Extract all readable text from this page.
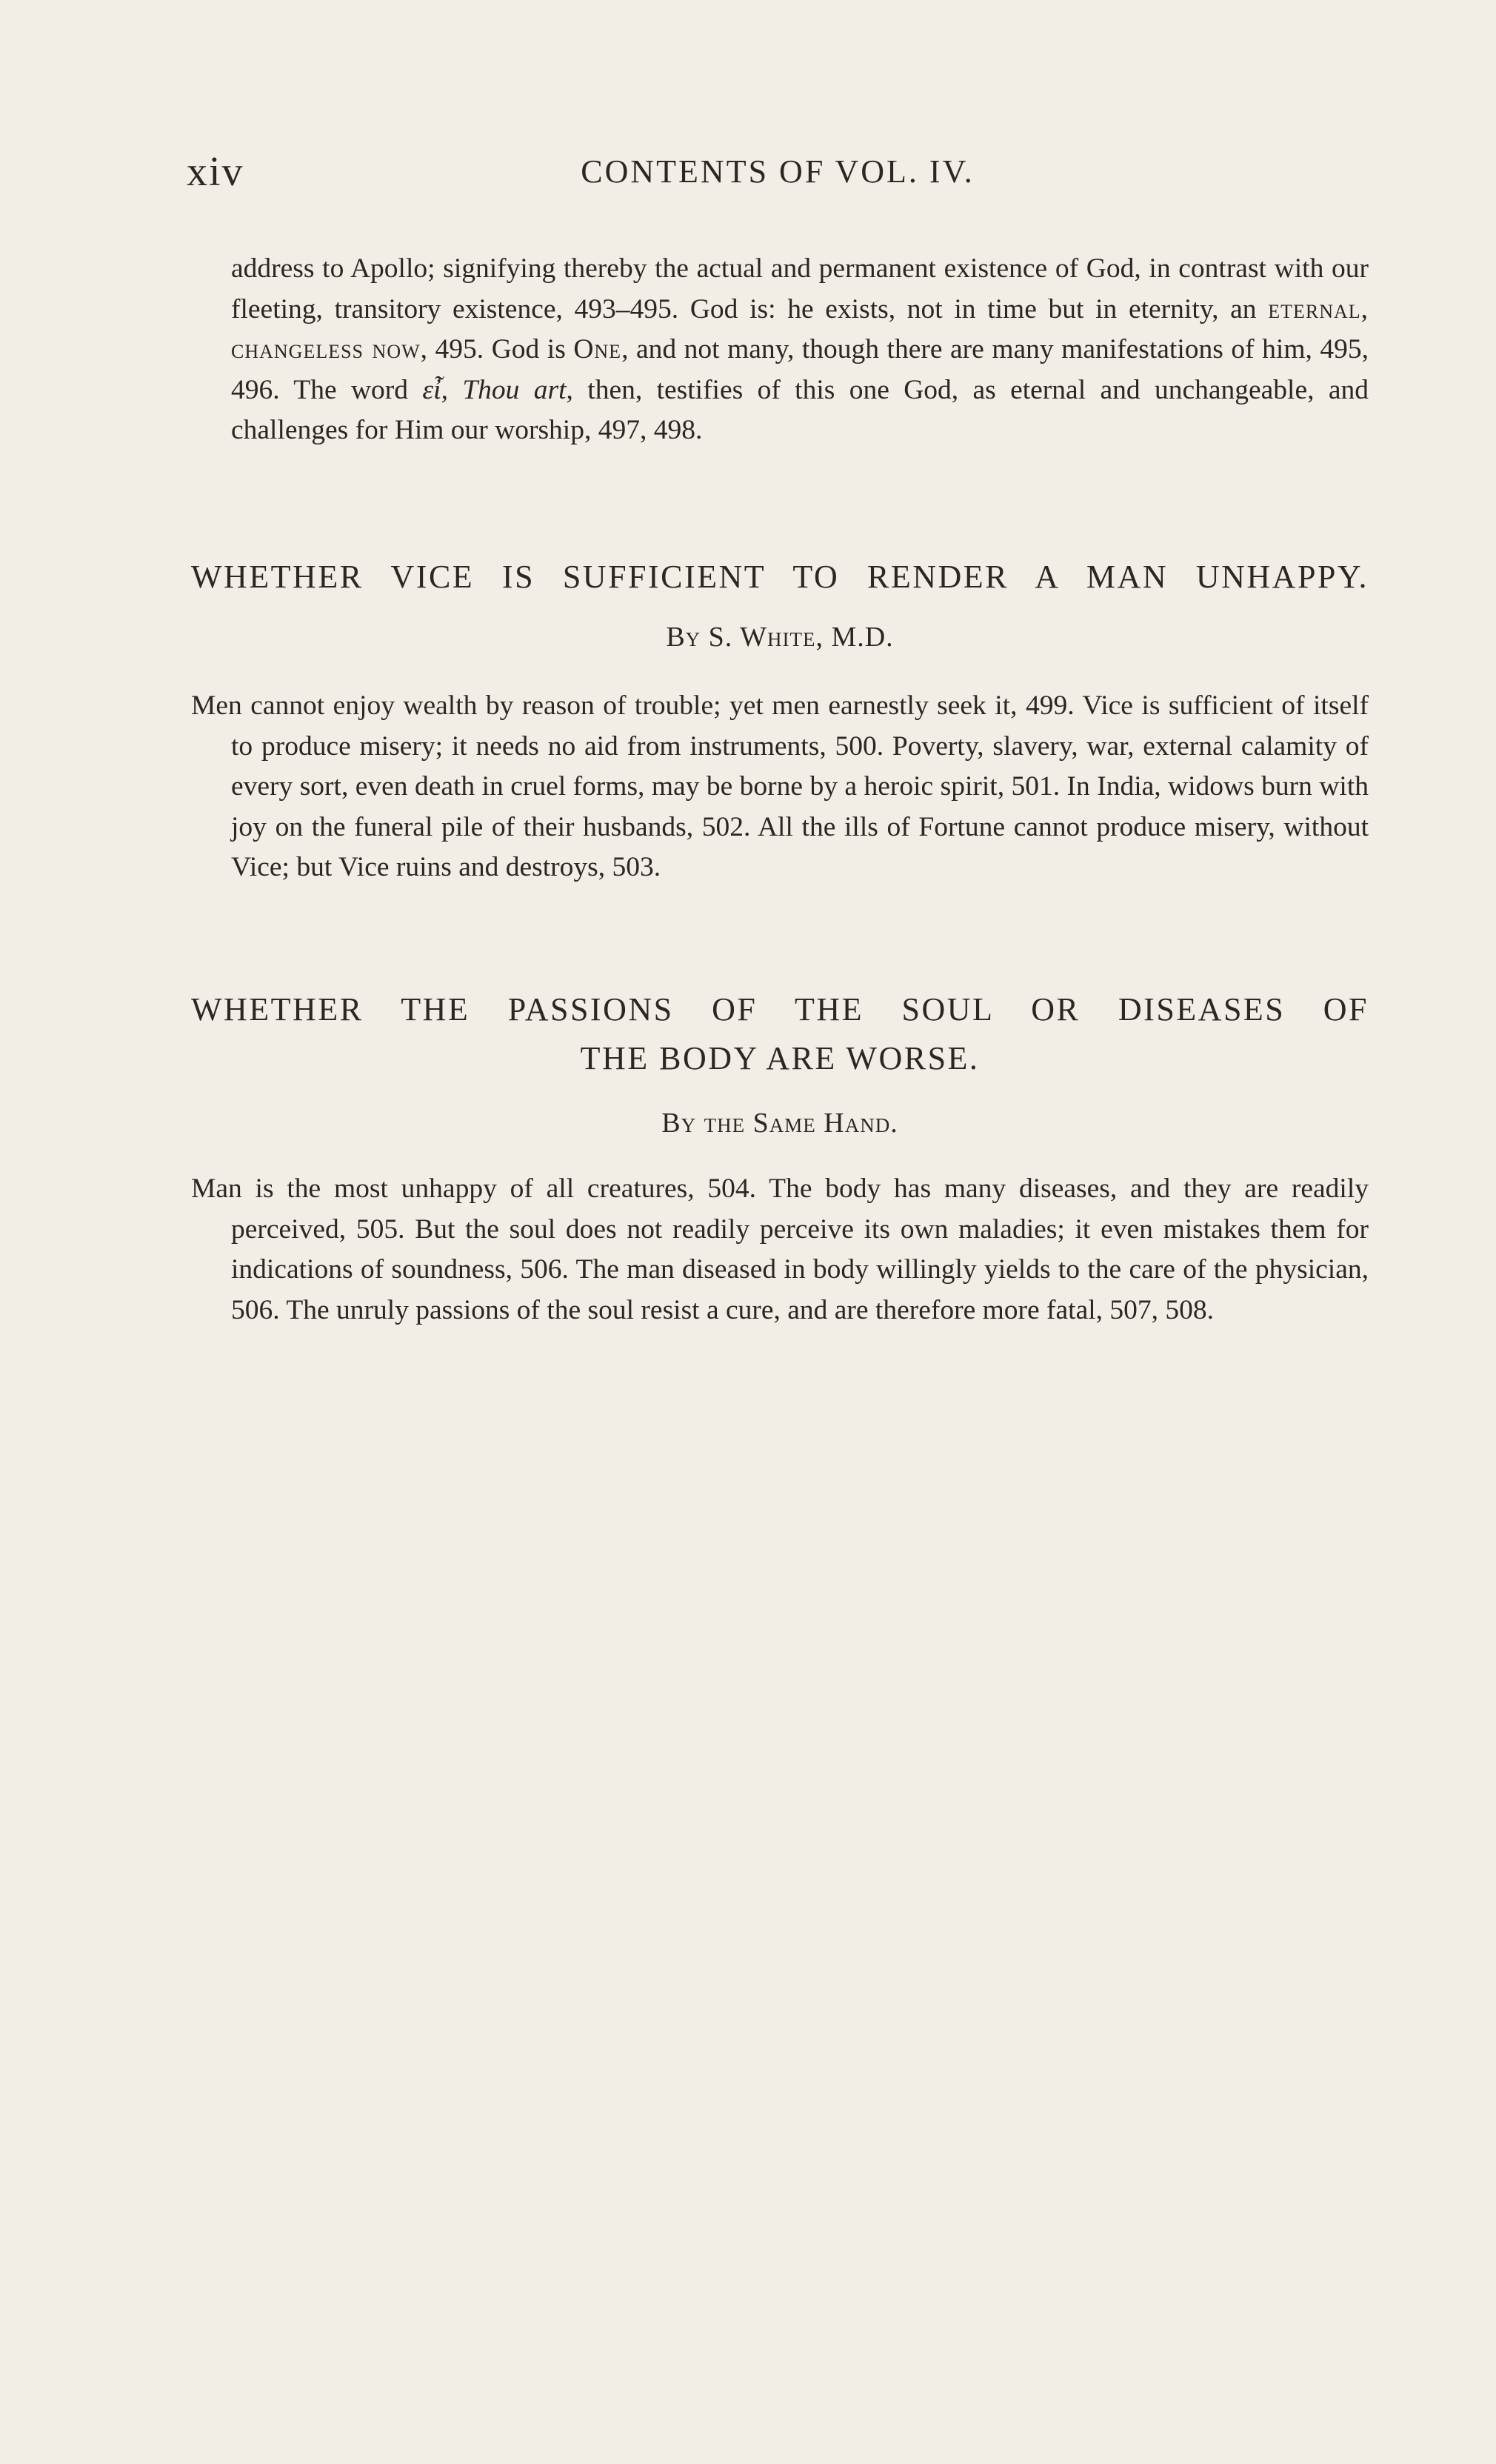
xiv	CONTENTS OF VOL. IV.
address to Apollo; signifying thereby the actual and permanent existence of God, in contrast with our fleeting, transitory existence, 493–495. God is: he exists, not in time but in eternity, an eternal, changeless now, 495. God is One, and not many, though there are many manifestations of him, 495, 496. The word εἶ, Thou art, then, testifies of this one God, as eternal and unchangeable, and challenges for Him our worship, 497, 498.
WHETHER VICE IS SUFFICIENT TO RENDER A MAN UNHAPPY.
By S. White, M.D.

Men cannot enjoy wealth by reason of trouble; yet men earnestly seek it, 499. Vice is sufficient of itself to produce misery; it needs no aid from instruments, 500. Poverty, slavery, war, external calamity of every sort, even death in cruel forms, may be borne by a heroic spirit, 501. In India, widows burn with joy on the funeral pile of their husbands, 502. All the ills of Fortune cannot produce misery, without Vice; but Vice ruins and destroys, 503.

WHETHER THE PASSIONS OF THE SOUL OR DISEASES OF
THE BODY ARE WORSE.
By the Same Hand.

Man is the most unhappy of all creatures, 504. The body has many diseases, and they are readily perceived, 505. But the soul does not readily perceive its own maladies; it even mistakes them for indications of soundness, 506. The man diseased in body willingly yields to the care of the physician, 506. The unruly passions of the soul resist a cure, and are therefore more fatal, 507, 508.
